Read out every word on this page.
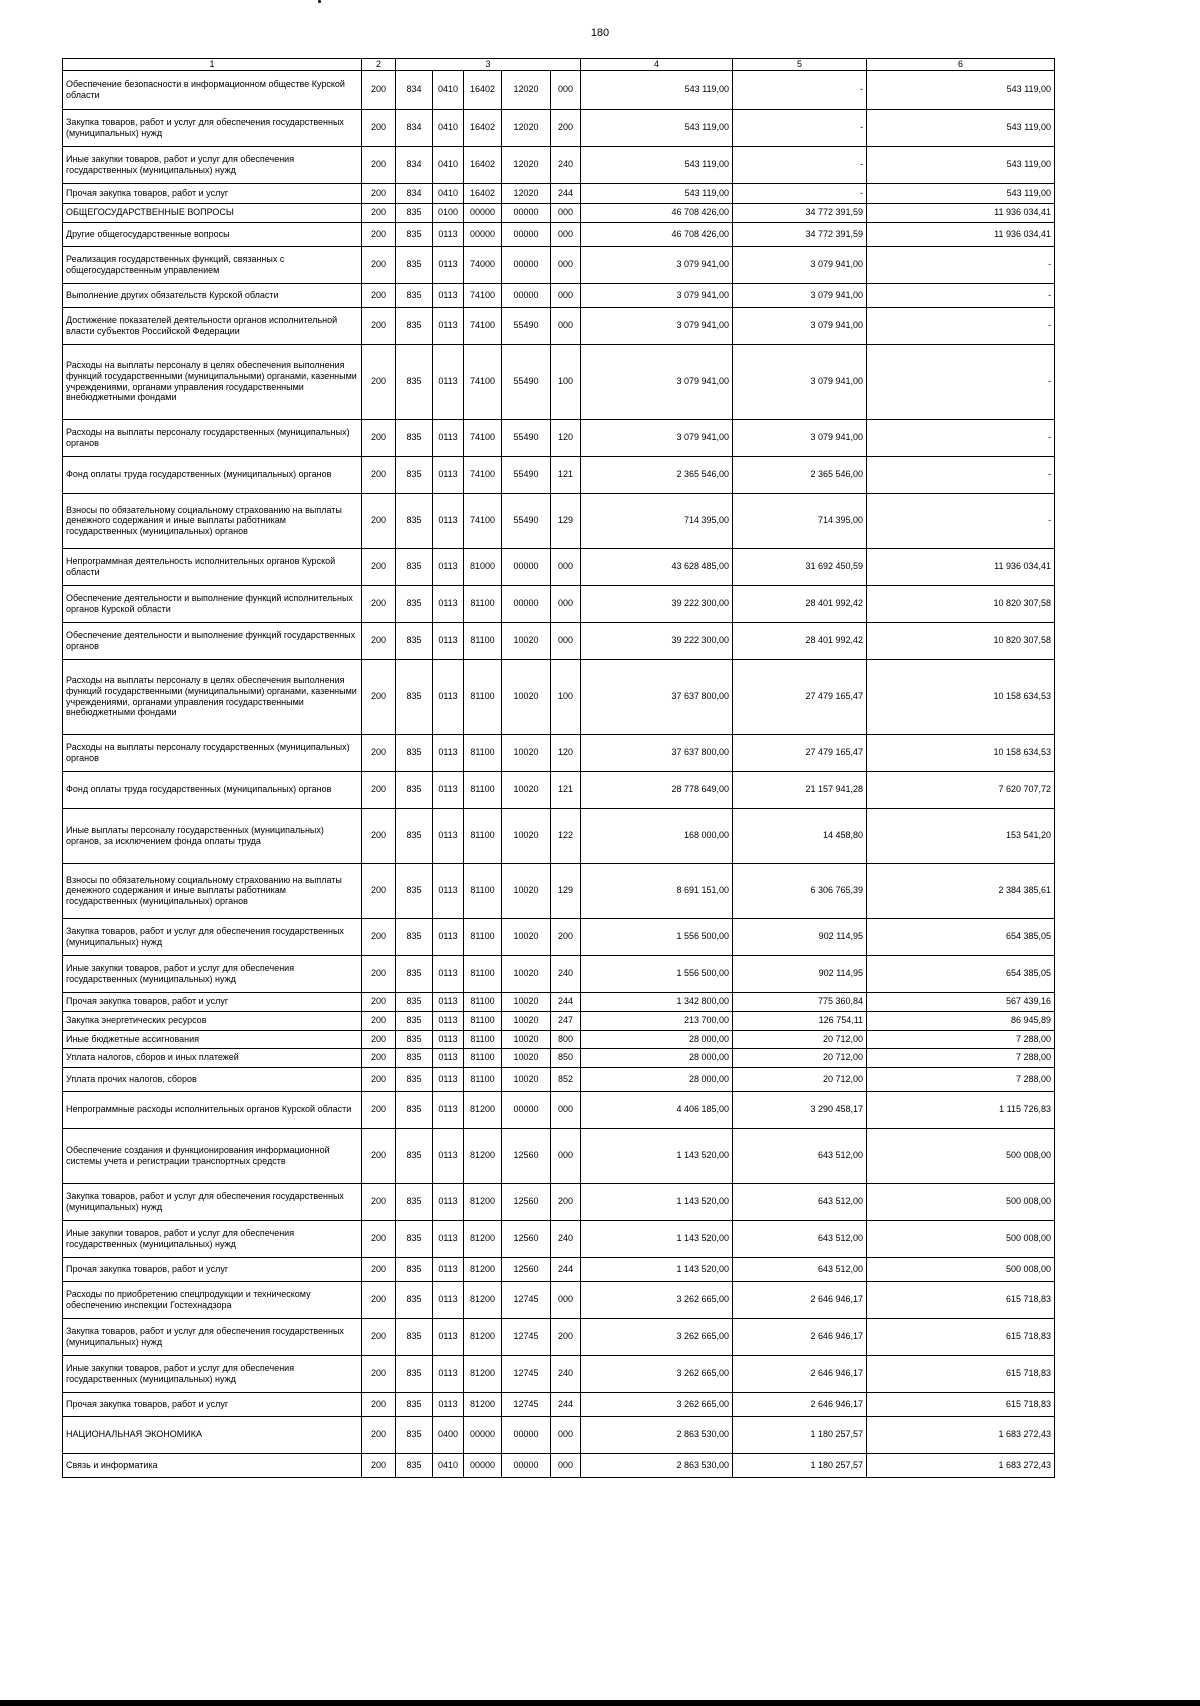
180
1	2	3					4	5	6
Обеспечение безопасности в информационном обществе Курской области	200	834	0410	16402	12020	000	543 119,00	-	543 119,00
Закупка товаров, работ и услуг для обеспечения государственных (муниципальных) нужд	200	834	0410	16402	12020	200	543 119,00	-	543 119,00
Иные закупки товаров, работ и услуг для обеспечения государственных (муниципальных) нужд	200	834	0410	16402	12020	240	543 119,00	-	543 119,00
Прочая закупка товаров, работ и услуг	200	834	0410	16402	12020	244	543 119,00	-	543 119,00
ОБЩЕГОСУДАРСТВЕННЫЕ ВОПРОСЫ	200	835	0100	00000	00000	000	46 708 426,00	34 772 391,59	11 936 034,41
Другие общегосударственные вопросы	200	835	0113	00000	00000	000	46 708 426,00	34 772 391,59	11 936 034,41
Реализация государственных функций, связанных с общегосударственным управлением	200	835	0113	74000	00000	000	3 079 941,00	3 079 941,00	-
Выполнение других обязательств Курской области	200	835	0113	74100	00000	000	3 079 941,00	3 079 941,00	-
Достижение показателей деятельности органов исполнительной власти субъектов Российской Федерации	200	835	0113	74100	55490	000	3 079 941,00	3 079 941,00	-
Расходы на выплаты персоналу в целях обеспечения выполнения функций государственными (муниципальными) органами, казенными учреждениями, органами управления государственными внебюджетными фондами	200	835	0113	74100	55490	100	3 079 941,00	3 079 941,00	-
Расходы на выплаты персоналу государственных (муниципальных) органов	200	835	0113	74100	55490	120	3 079 941,00	3 079 941,00	-
Фонд оплаты труда государственных (муниципальных) органов	200	835	0113	74100	55490	121	2 365 546,00	2 365 546,00	-
Взносы по обязательному социальному страхованию на выплаты денежного содержания и иные выплаты работникам государственных (муниципальных) органов	200	835	0113	74100	55490	129	714 395,00	714 395,00	-
Непрограммная деятельность исполнительных органов Курской области	200	835	0113	81000	00000	000	43 628 485,00	31 692 450,59	11 936 034,41
Обеспечение деятельности и выполнение функций исполнительных органов Курской области	200	835	0113	81100	00000	000	39 222 300,00	28 401 992,42	10 820 307,58
Обеспечение деятельности и выполнение функций государственных органов	200	835	0113	81100	10020	000	39 222 300,00	28 401 992,42	10 820 307,58
Расходы на выплаты персоналу в целях обеспечения выполнения функций государственными (муниципальными) органами, казенными учреждениями, органами управления государственными внебюджетными фондами	200	835	0113	81100	10020	100	37 637 800,00	27 479 165,47	10 158 634,53
Расходы на выплаты персоналу государственных (муниципальных) органов	200	835	0113	81100	10020	120	37 637 800,00	27 479 165,47	10 158 634,53
Фонд оплаты труда государственных (муниципальных) органов	200	835	0113	81100	10020	121	28 778 649,00	21 157 941,28	7 620 707,72
Иные выплаты персоналу государственных (муниципальных) органов, за исключением фонда оплаты труда	200	835	0113	81100	10020	122	168 000,00	14 458,80	153 541,20
Взносы по обязательному социальному страхованию на выплаты денежного содержания и иные выплаты работникам государственных (муниципальных) органов	200	835	0113	81100	10020	129	8 691 151,00	6 306 765,39	2 384 385,61
Закупка товаров, работ и услуг для обеспечения государственных (муниципальных) нужд	200	835	0113	81100	10020	200	1 556 500,00	902 114,95	654 385,05
Иные закупки товаров, работ и услуг для обеспечения государственных (муниципальных) нужд	200	835	0113	81100	10020	240	1 556 500,00	902 114,95	654 385,05
Прочая закупка товаров, работ и услуг	200	835	0113	81100	10020	244	1 342 800,00	775 360,84	567 439,16
Закупка энергетических ресурсов	200	835	0113	81100	10020	247	213 700,00	126 754,11	86 945,89
Иные бюджетные ассигнования	200	835	0113	81100	10020	800	28 000,00	20 712,00	7 288,00
Уплата налогов, сборов и иных платежей	200	835	0113	81100	10020	850	28 000,00	20 712,00	7 288,00
Уплата прочих налогов, сборов	200	835	0113	81100	10020	852	28 000,00	20 712,00	7 288,00
Непрограммные расходы исполнительных органов Курской области	200	835	0113	81200	00000	000	4 406 185,00	3 290 458,17	1 115 726,83
Обеспечение создания и функционирования информационной системы учета и регистрации транспортных средств	200	835	0113	81200	12560	000	1 143 520,00	643 512,00	500 008,00
Закупка товаров, работ и услуг для обеспечения государственных (муниципальных) нужд	200	835	0113	81200	12560	200	1 143 520,00	643 512,00	500 008,00
Иные закупки товаров, работ и услуг для обеспечения государственных (муниципальных) нужд	200	835	0113	81200	12560	240	1 143 520,00	643 512,00	500 008,00
Прочая закупка товаров, работ и услуг	200	835	0113	81200	12560	244	1 143 520,00	643 512,00	500 008,00
Расходы по приобретению спецпродукции и техническому обеспечению инспекции Гостехнадзора	200	835	0113	81200	12745	000	3 262 665,00	2 646 946,17	615 718,83
Закупка товаров, работ и услуг для обеспечения государственных (муниципальных) нужд	200	835	0113	81200	12745	200	3 262 665,00	2 646 946,17	615 718,83
Иные закупки товаров, работ и услуг для обеспечения государственных (муниципальных) нужд	200	835	0113	81200	12745	240	3 262 665,00	2 646 946,17	615 718,83
Прочая закупка товаров, работ и услуг	200	835	0113	81200	12745	244	3 262 665,00	2 646 946,17	615 718,83
НАЦИОНАЛЬНАЯ ЭКОНОМИКА	200	835	0400	00000	00000	000	2 863 530,00	1 180 257,57	1 683 272,43
Связь и информатика	200	835	0410	00000	00000	000	2 863 530,00	1 180 257,57	1 683 272,43
